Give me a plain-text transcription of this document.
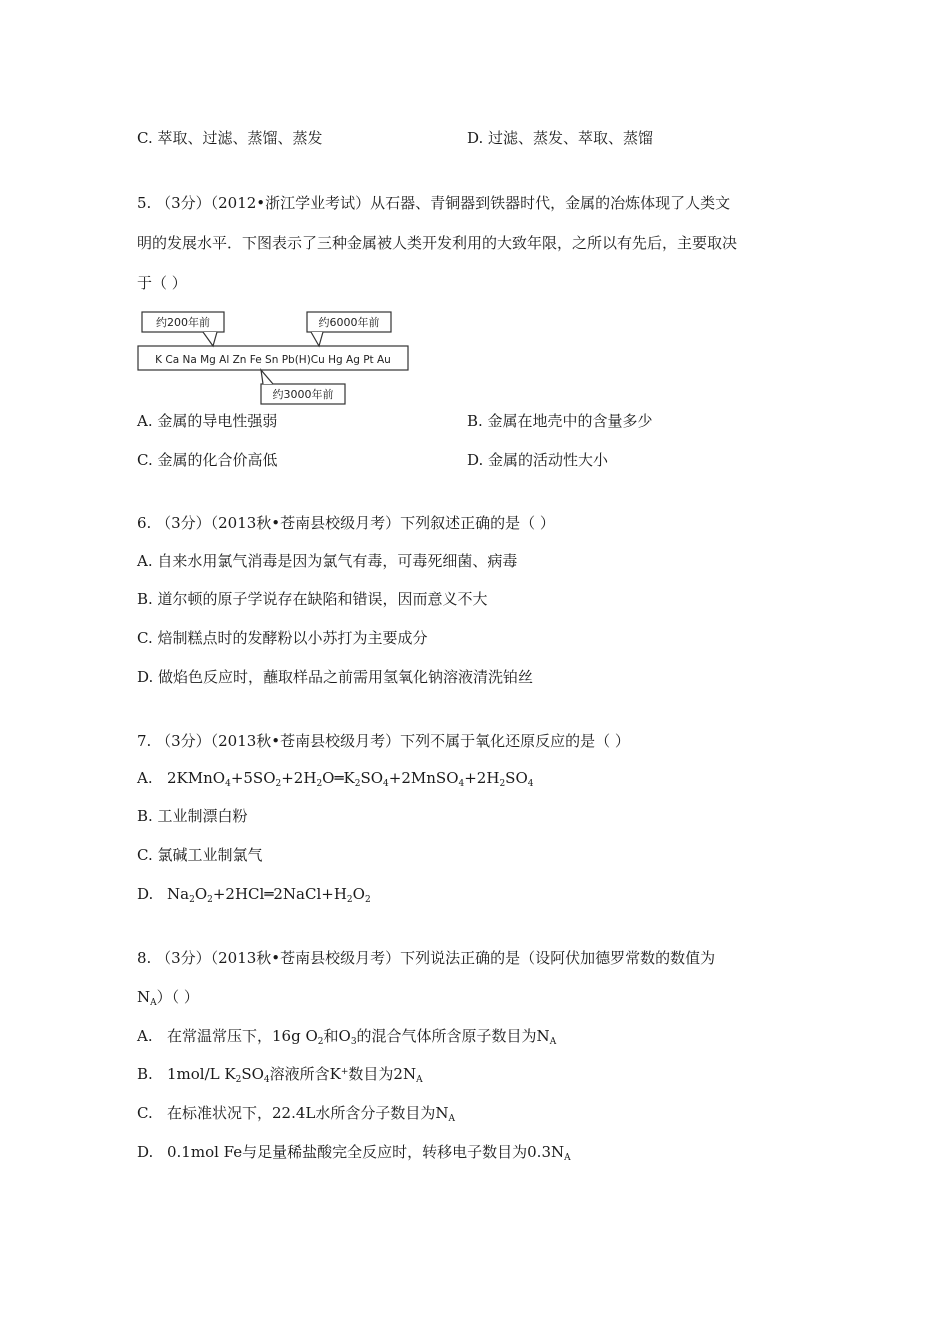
C. 萃取、过滤、蒸馏、蒸发	D. 过滤、蒸发、萃取、蒸馏
5. （3分）（2012•浙江学业考试）从石器、青铜器到铁器时代，金属的冶炼体现了人类文
明的发展水平．下图表示了三种金属被人类开发利用的大致年限，之所以有先后，主要取决
于（ ）
K Ca Na Mg Al Zn Fe Sn Pb(H)Cu Hg Ag Pt Au
约200年前	约6000年前
约3000年前
A. 金属的导电性强弱	B. 金属在地壳中的含量多少
C. 金属的化合价高低	D. 金属的活动性大小
6. （3分）（2013秋•苍南县校级月考）下列叙述正确的是（ ）
A. 自来水用氯气消毒是因为氯气有毒，可毒死细菌、病毒
B. 道尔顿的原子学说存在缺陷和错误，因而意义不大
C. 焙制糕点时的发酵粉以小苏打为主要成分
D. 做焰色反应时，蘸取样品之前需用氢氧化钠溶液清洗铂丝
7. （3分）（2013秋•苍南县校级月考）下列不属于氧化还原反应的是（ ）
A. $2KMnO_4+5SO_2+2H_2O═K_2SO_4+2MnSO_4+2H_2SO_4$
B. 工业制漂白粉
C. 氯碱工业制氯气
D. $Na_2O_2+2HCl═2NaCl+H_2O_2$
8. （3分）（2013秋•苍南县校级月考）下列说法正确的是（设阿伏加德罗常数的数值为
$N_A$）（ ）
A. 在常温常压下，16g $O_2$和$O_3$的混合气体所含原子数目为$N_A$
B. 1mol/L $K_2SO_4$溶液所含K+数目为$2N_A$
C. 在标准状况下，22.4L水所含分子数目为$N_A$
D. 0.1mol Fe与足量稀盐酸完全反应时，转移电子数目为$0.3N_A$
